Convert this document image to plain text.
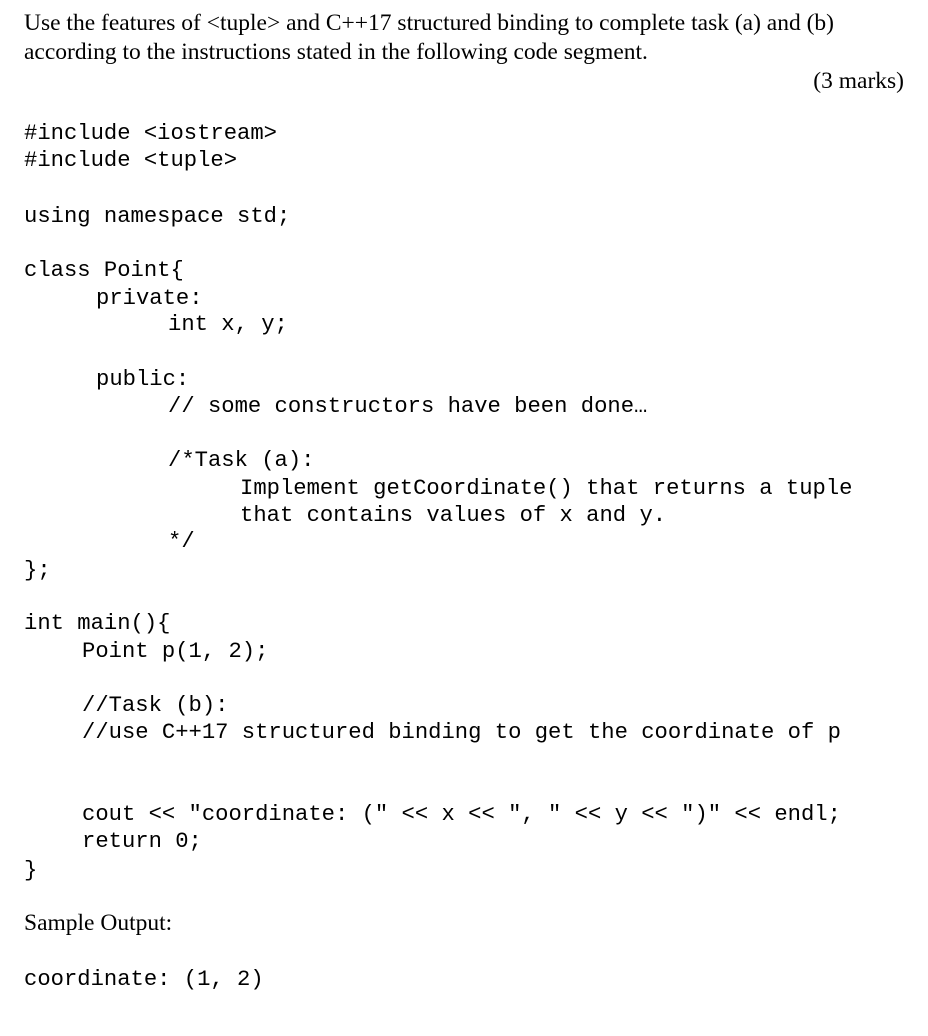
Use the features of <tuple> and C++17 structured binding to complete task (a) and (b)
according to the instructions stated in the following code segment.
(3 marks)
#include <iostream>
#include <tuple>
using namespace std;
class Point{
private:
int x, y;
public:
// some constructors have been done…
/*Task (a):
Implement getCoordinate() that returns a tuple
that contains values of x and y.
*/
};
int main(){
Point p(1, 2);
//Task (b):
//use C++17 structured binding to get the coordinate of p
cout << "coordinate: (" << x << ", " << y << ")" << endl;
return 0;
}
Sample Output:
coordinate: (1, 2)
